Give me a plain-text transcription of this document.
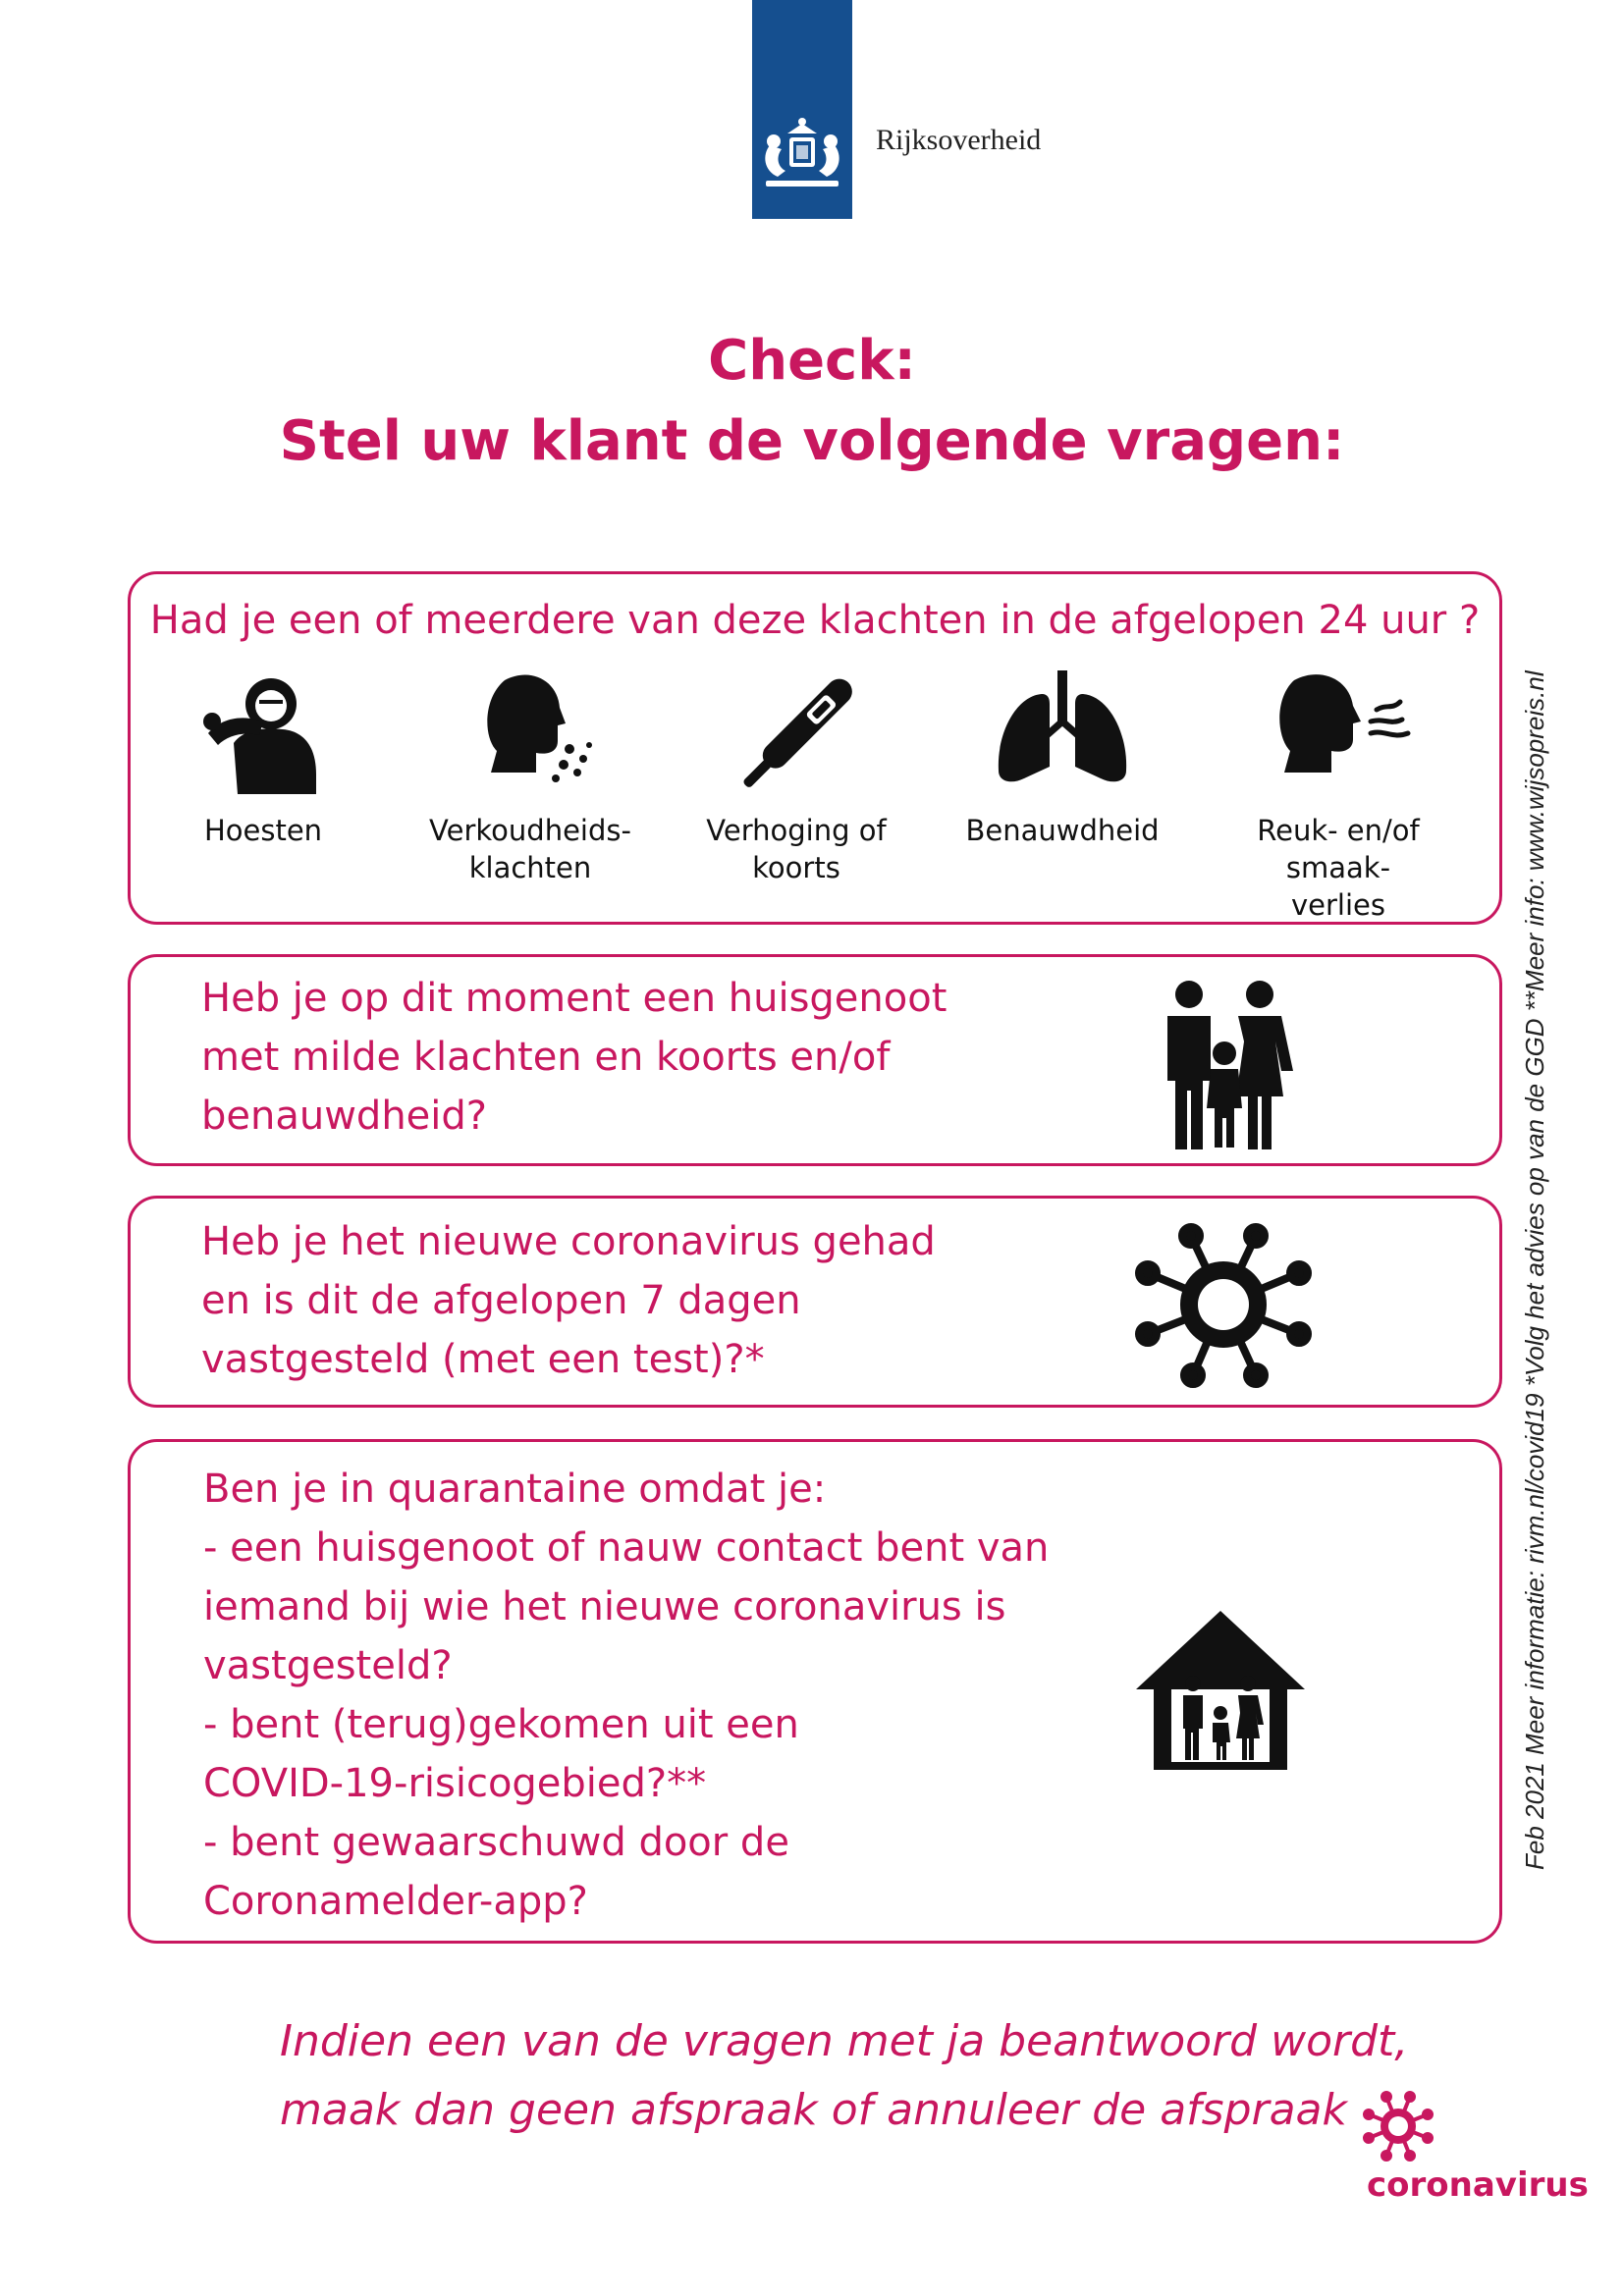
Rijksoverheid
Check:
Stel uw klant de volgende vragen:
Had je een of meerdere van deze klachten in de afgelopen 24 uur ?
Hoesten	Verkoudheids-
klachten
Verhoging of
koorts
Benauwdheid	Reuk- en/of smaak-
verlies
Heb je op dit moment een huisgenoot
met milde klachten en koorts en/of
benauwdheid?
Heb je het nieuwe coronavirus gehad
en is dit de afgelopen 7 dagen
vastgesteld (met een test)?*
Ben je in quarantaine omdat je:
- een huisgenoot of nauw contact bent van
iemand bij wie het nieuwe coronavirus is
vastgesteld?
- bent (terug)gekomen uit een
COVID-19-risicogebied?**
- bent gewaarschuwd door de
Coronamelder-app?
Feb 2021 Meer informatie: rivm.nl/covid19 *Volg het advies op van de GGD **Meer info: www.wijsopreis.nl
Indien een van de vragen met ja beantwoord wordt,
maak dan geen afspraak of annuleer de afspraak
coronavirus
